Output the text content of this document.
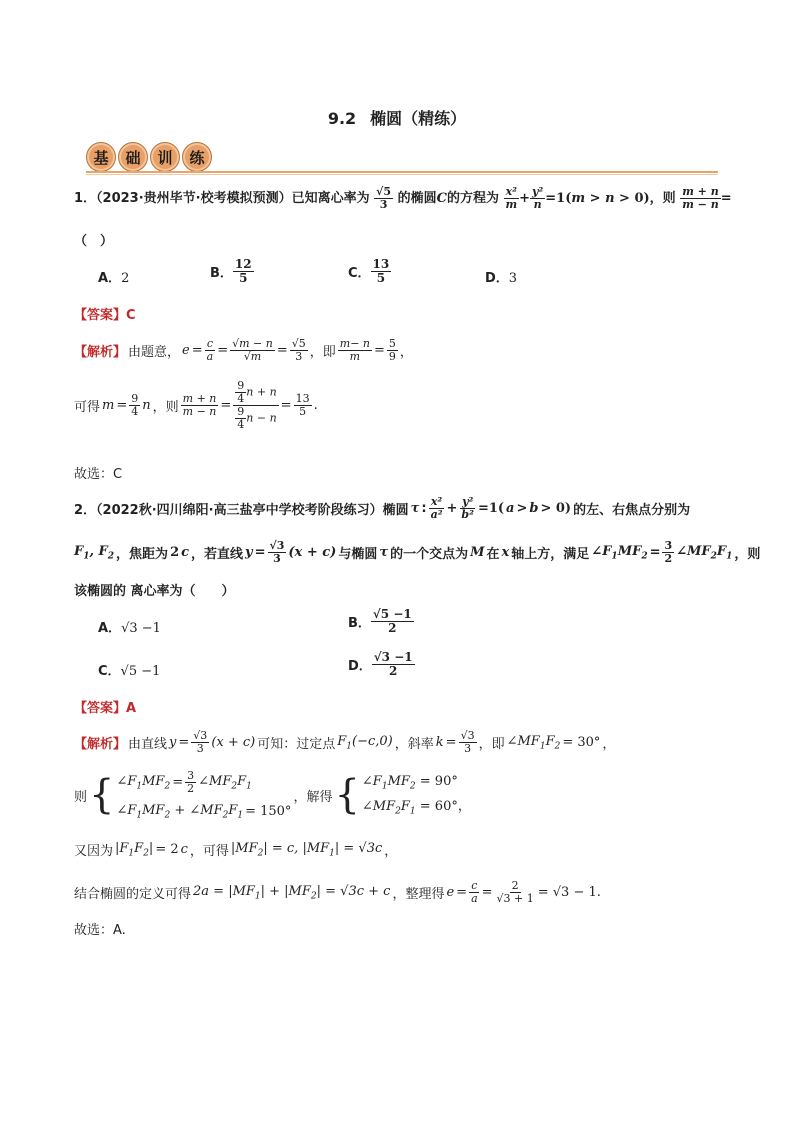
9.2 椭圆（精练）
基	础	训	练
1．（2023·贵州毕节·校考模拟预测）已知离心率为 $\frac{√5}{3}$ 的椭圆C的方程为 $\frac{\text{x²}}{m} + \frac{\text{y²}}{n} =1(m > n > 0)$，则 $\frac{m + n}{m - n}$ =
（　）
A．2	B． $\frac{12}{5}$	C． $\frac{13}{5}$	D．3
【答案】C
【解析】 由题意， $e = \frac{c}{a} = \frac{√m - n}{√m} = \frac{√5}{3}$ ，即 $\frac{m- n}{m} = \frac{5}{9}$ ，
可得 $m = \frac{9}{4}$ n ，则 $\frac{m + n}{m - n} = \frac{\frac{9}{4} n + n}{\frac{9}{4} n - n} = \frac{13}{5}$ .
故选：C
2．（2022秋·四川绵阳·高三盐亭中学校考阶段练习）椭圆 τ : $\frac{\text{x²}}{\text{a²}} + \frac{\text{y²}}{\text{b²}} =1$( a > b > 0) 的左、右焦点分别为
$F_1$, $F_2$ ，焦距为 2 c ，若直线 $y = \frac{√3}{3} (x + c)$ 与椭圆 τ 的一个交点为 M 在 x 轴上方，满足 $\angle F_1MF_2 = \frac{3}{2}$ $\angle MF_2F_1$ ，则
该椭圆的 离心率为（　　）
A．√3 −1	B． $\frac{√5 -1}{2}$
C．√5 −1	D． $\frac{√3 -1}{2}$
【答案】A
【解析】 由直线 $y = \frac{√3}{3} (x + c)$ 可知：过定点 $F_1(-c,0)$ ，斜率 $k = \frac{√3}{3}$ ，即 $\angle MF_1F_2 = 30^\circ$ ，
则 { $\angle F_1MF_2 = \frac{3}{2}$ $\angle MF_2F_1$
$\angle F_1MF_2$ + $\angle MF_2F_1 = 150^\circ$
，解得 { $\angle F_1MF_2 = 90^\circ$
$\angle MF_2F_1 = 60^\circ$，
又因为 $|F_1F_2| = 2$ c ，可得 $|MF_2| = c$, $|MF_1| = √3c$ ，
结合椭圆的定义可得 $2a = |MF_1| + |MF_2| = √3c + c$ ，整理得 $e = \frac{c}{a} = \frac{2}{√3 + 1} = √3 - 1$.
故选：A.
